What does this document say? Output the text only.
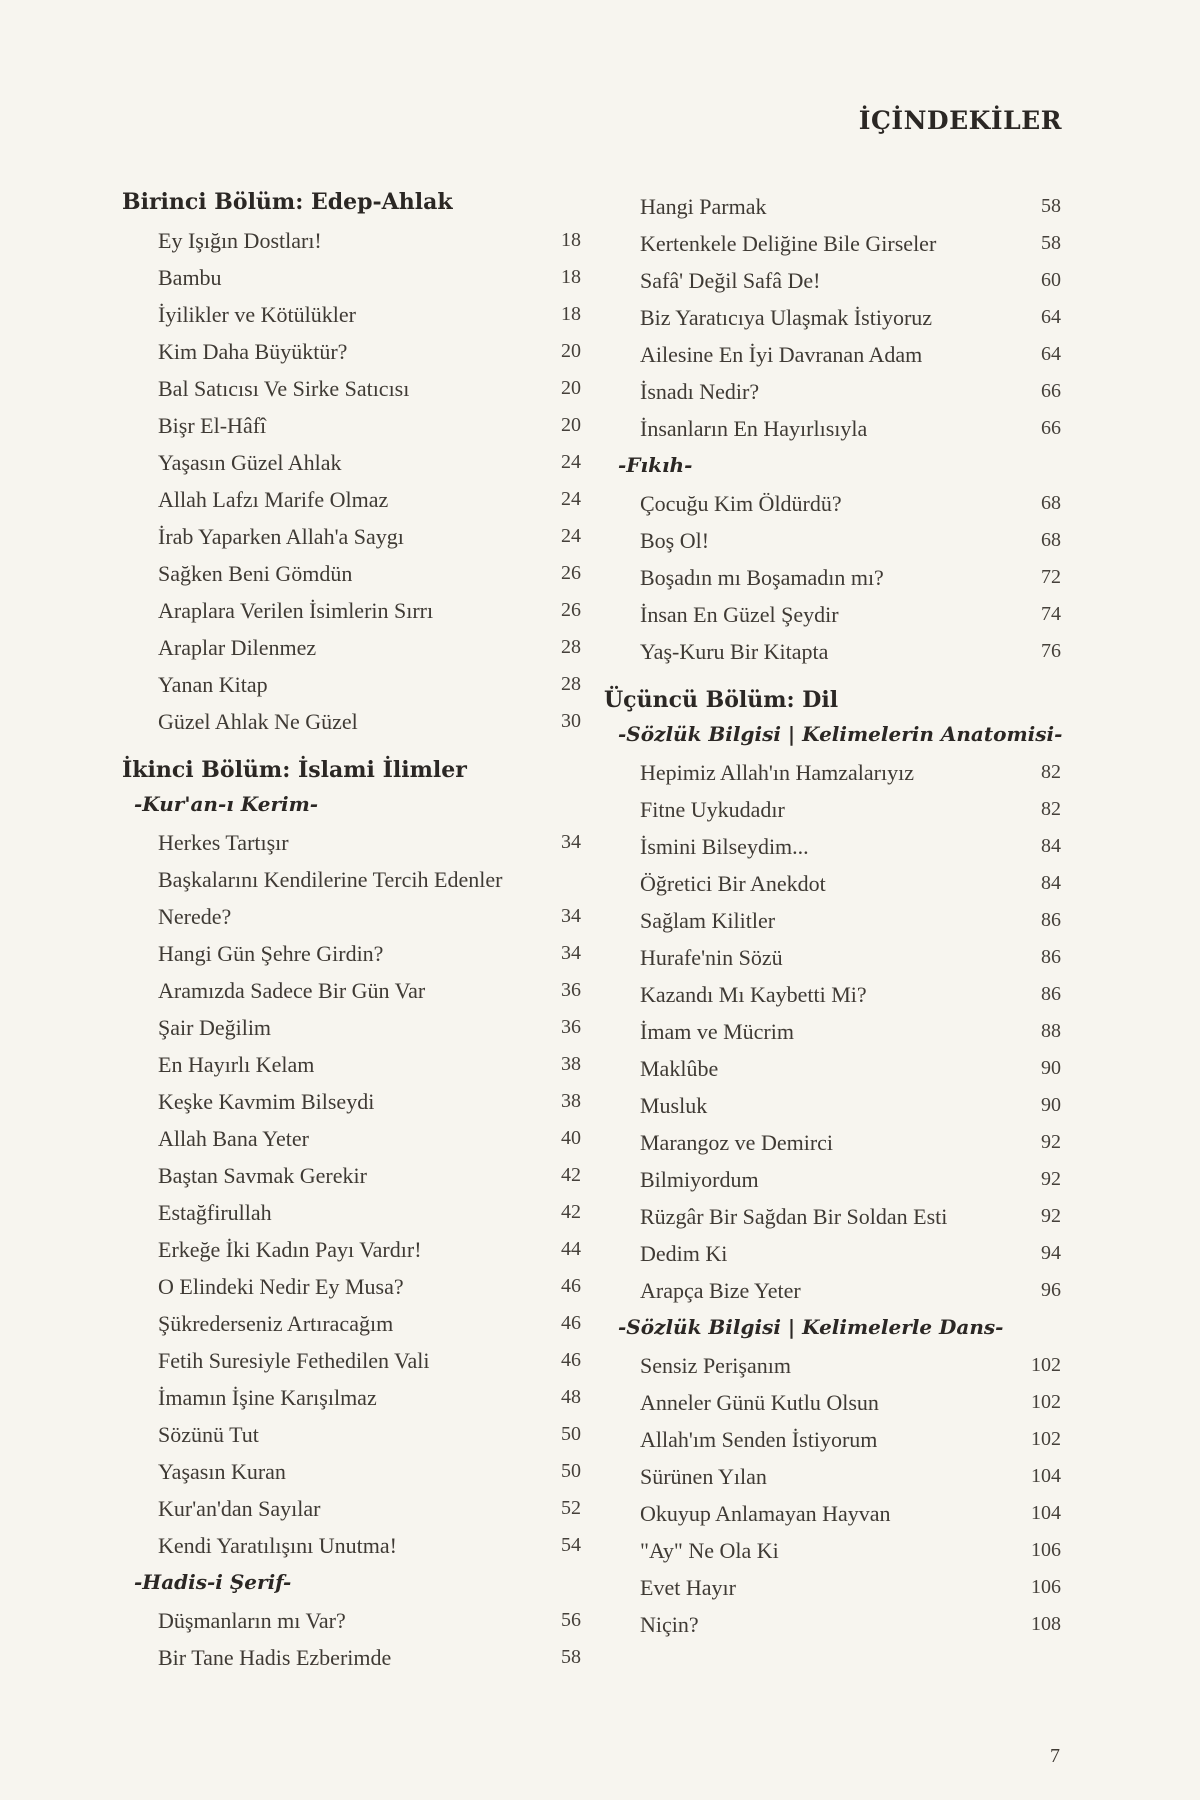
İÇİNDEKİLER
Birinci Bölüm: Edep-Ahlak
Ey Işığın Dostları!	18
Bambu	18
İyilikler ve Kötülükler	18
Kim Daha Büyüktür?	20
Bal Satıcısı Ve Sirke Satıcısı	20
Bişr El-Hâfî	20
Yaşasın Güzel Ahlak	24
Allah Lafzı Marife Olmaz	24
İrab Yaparken Allah'a Saygı	24
Sağken Beni Gömdün	26
Araplara Verilen İsimlerin Sırrı	26
Araplar Dilenmez	28
Yanan Kitap	28
Güzel Ahlak Ne Güzel	30
İkinci Bölüm: İslami İlimler
-Kur'an-ı Kerim-
Herkes Tartışır	34
Başkalarını Kendilerine Tercih Edenler Nerede?	34
Hangi Gün Şehre Girdin?	34
Aramızda Sadece Bir Gün Var	36
Şair Değilim	36
En Hayırlı Kelam	38
Keşke Kavmim Bilseydi	38
Allah Bana Yeter	40
Baştan Savmak Gerekir	42
Estağfirullah	42
Erkeğe İki Kadın Payı Vardır!	44
O Elindeki Nedir Ey Musa?	46
Şükrederseniz Artıracağım	46
Fetih Suresiyle Fethedilen Vali	46
İmamın İşine Karışılmaz	48
Sözünü Tut	50
Yaşasın Kuran	50
Kur'an'dan Sayılar	52
Kendi Yaratılışını Unutma!	54
-Hadis-i Şerif-
Düşmanların mı Var?	56
Bir Tane Hadis Ezberimde	58
Hangi Parmak	58
Kertenkele Deliğine Bile Girseler	58
Safâ' Değil Safâ De!	60
Biz Yaratıcıya Ulaşmak İstiyoruz	64
Ailesine En İyi Davranan Adam	64
İsnadı Nedir?	66
İnsanların En Hayırlısıyla	66
-Fıkıh-
Çocuğu Kim Öldürdü?	68
Boş Ol!	68
Boşadın mı Boşamadın mı?	72
İnsan En Güzel Şeydir	74
Yaş-Kuru Bir Kitapta	76
Üçüncü Bölüm: Dil
-Sözlük Bilgisi | Kelimelerin Anatomisi-
Hepimiz Allah'ın Hamzalarıyız	82
Fitne Uykudadır	82
İsmini Bilseydim...	84
Öğretici Bir Anekdot	84
Sağlam Kilitler	86
Hurafe'nin Sözü	86
Kazandı Mı Kaybetti Mi?	86
İmam ve Mücrim	88
Maklûbe	90
Musluk	90
Marangoz ve Demirci	92
Bilmiyordum	92
Rüzgâr Bir Sağdan Bir Soldan Esti	92
Dedim Ki	94
Arapça Bize Yeter	96
-Sözlük Bilgisi | Kelimelerle Dans-
Sensiz Perişanım	102
Anneler Günü Kutlu Olsun	102
Allah'ım Senden İstiyorum	102
Sürünen Yılan	104
Okuyup Anlamayan Hayvan	104
"Ay" Ne Ola Ki	106
Evet Hayır	106
Niçin?	108
7
